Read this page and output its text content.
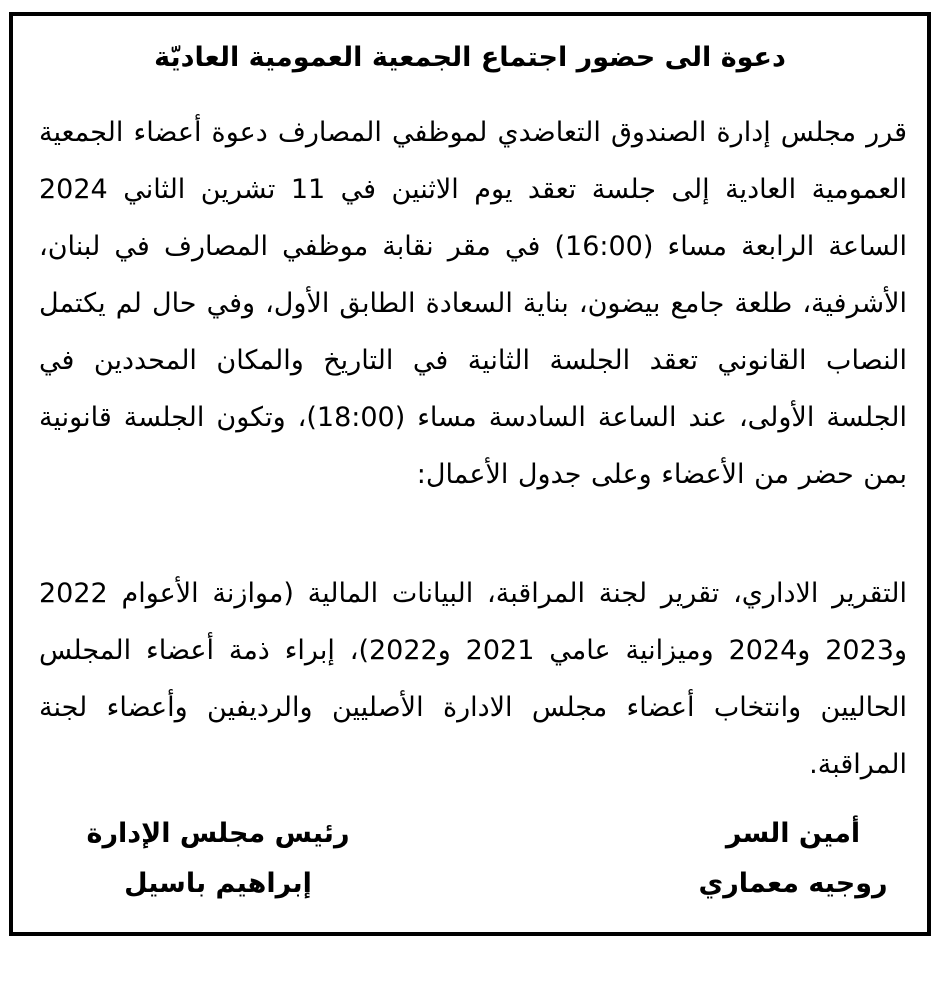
دعوة الى حضور اجتماع الجمعية العمومية العاديّة

قرر مجلس إدارة الصندوق التعاضدي لموظفي المصارف دعوة أعضاء الجمعية العمومية العادية إلى جلسة تعقد يوم الاثنين في 11 تشرين الثاني 2024 الساعة الرابعة مساء (16:00) في مقر نقابة موظفي المصارف في لبنان، الأشرفية، طلعة جامع بيضون، بناية السعادة الطابق الأول، وفي حال لم يكتمل النصاب القانوني تعقد الجلسة الثانية في التاريخ والمكان المحددين في الجلسة الأولى، عند الساعة السادسة مساء (18:00)، وتكون الجلسة قانونية بمن حضر من الأعضاء وعلى جدول الأعمال:

التقرير الاداري، تقرير لجنة المراقبة، البيانات المالية (موازنة الأعوام 2022 و2023 و2024 وميزانية عامي 2021 و2022)، إبراء ذمة أعضاء المجلس الحاليين وانتخاب أعضاء مجلس الادارة الأصليين والرديفين وأعضاء لجنة المراقبة.

رئيس مجلس الإدارة
إبراهيم باسيل
أمين السر
روجيه معماري
